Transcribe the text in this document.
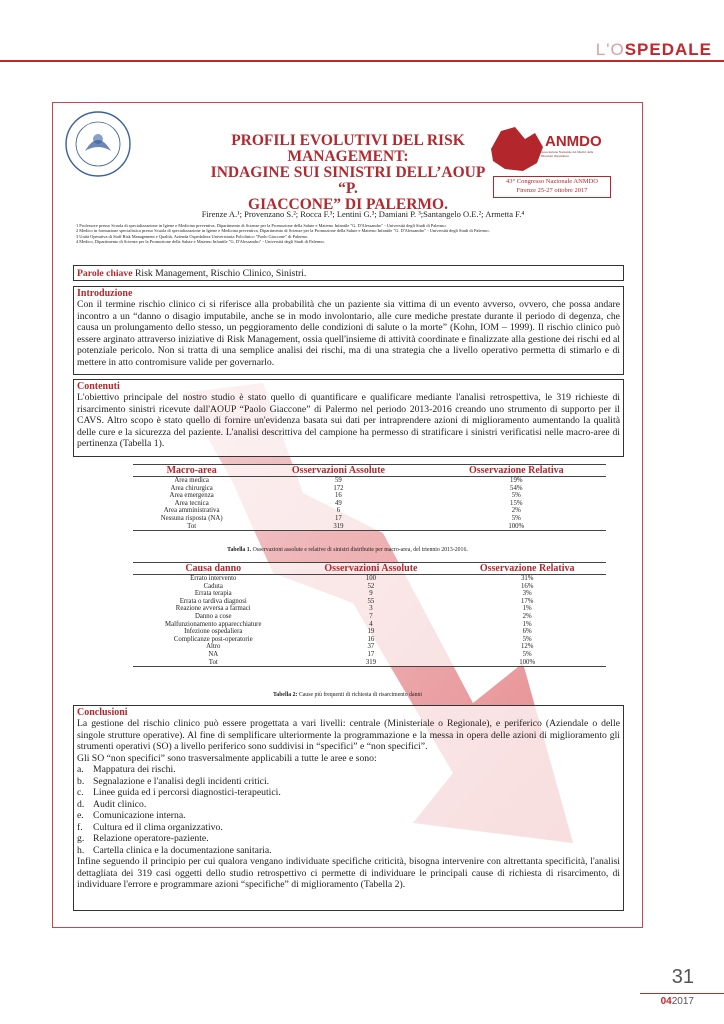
L'OSPEDALE
PROFILI EVOLUTIVI DEL RISK
MANAGEMENT:
INDAGINE SUI SINISTRI DELL’AOUP “P.
GIACCONE” DI PALERMO.
ANMDO
Associazione Nazionale dei Medici delle Direzioni Ospedaliere
43° Congresso Nazionale ANMDO
Firenze 25-27 ottobre 2017
Firenze A.¹; Provenzano S.²; Rocca F.³; Lentini G.³; Damiani P. ³;Santangelo O.E.²; Armetta F.⁴
1 Professore presso Scuola di specializzazione in Igiene e Medicina preventiva, Dipartimento di Scienze per la Promozione della Salute e Materno Infantile "G. D'Alessandro" - Università degli Studi di Palermo.
2 Medico in formazione specialistica presso Scuola di specializzazione in Igiene e Medicina preventiva, Dipartimento di Scienze per la Promozione della Salute e Materno Infantile "G. D'Alessandro" - Università degli Studi di Palermo.
3 Unità Operativa di Staff Risk Management e Qualità, Azienda Ospedaliera Universitaria Policlinico "Paolo Giaccone" di Palermo.
4 Medico, Dipartimento di Scienze per la Promozione della Salute e Materno Infantile "G. D'Alessandro" - Università degli Studi di Palermo.
Parole chiave Risk Management, Rischio Clinico, Sinistri.
Introduzione
Con il termine rischio clinico ci si riferisce alla probabilità che un paziente sia vittima di un evento avverso, ovvero, che possa andare incontro a un “danno o disagio imputabile, anche se in modo involontario, alle cure mediche prestate durante il periodo di degenza, che causa un prolungamento dello stesso, un peggioramento delle condizioni di salute o la morte” (Kohn, IOM – 1999). Il rischio clinico può essere arginato attraverso iniziative di Risk Management, ossia quell'insieme di attività coordinate e finalizzate alla gestione dei rischi ed al potenziale pericolo. Non si tratta di una semplice analisi dei rischi, ma di una strategia che a livello operativo permetta di stimarlo e di mettere in atto contromisure valide per governarlo.
Contenuti
L'obiettivo principale del nostro studio è stato quello di quantificare e qualificare mediante l'analisi retrospettiva, le 319 richieste di risarcimento sinistri ricevute dall'AOUP “Paolo Giaccone” di Palermo nel periodo 2013-2016 creando uno strumento di supporto per il CAVS. Altro scopo è stato quello di fornire un'evidenza basata sui dati per intraprendere azioni di miglioramento aumentando la qualità delle cure e la sicurezza del paziente. L'analisi descrittiva del campione ha permesso di stratificare i sinistri verificatisi nelle macro-aree di pertinenza (Tabella 1).
Macro-area	Osservazioni Assolute	Osservazione Relativa
Area medica	59	19%
Area chirurgica	172	54%
Area emergenza	16	5%
Area tecnica	49	15%
Area amministrativa	6	2%
Nessuna risposta (NA)	17	5%
Tot	319	100%
Tabella 1. Osservazioni assolute e relative di sinistri distribuite per macro-area, del triennio 2013-2016.
Causa danno	Osservazioni Assolute	Osservazione Relativa
Errato intervento	100	31%
Caduta	52	16%
Errata terapia	9	3%
Errata o tardiva diagnosi	55	17%
Reazione avversa a farmaci	3	1%
Danno a cose	7	2%
Malfunzionamento apparecchiature	4	1%
Infezione ospedaliera	19	6%
Complicanze post-operatorie	16	5%
Altro	37	12%
NA	17	5%
Tot	319	100%
Tabella 2: Cause più frequenti di richiesta di risarcimento danni
Conclusioni
La gestione del rischio clinico può essere progettata a vari livelli: centrale (Ministeriale o Regionale), e periferico (Aziendale o delle singole strutture operative). Al fine di semplificare ulteriormente la programmazione e la messa in opera delle azioni di miglioramento gli strumenti operativi (SO) a livello periferico sono suddivisi in “specifici” e “non specifici”.
Gli SO “non specifici” sono trasversalmente applicabili a tutte le aree e sono:
a. Mappatura dei rischi.
b. Segnalazione e l'analisi degli incidenti critici.
c. Linee guida ed i percorsi diagnostici-terapeutici.
d. Audit clinico.
e. Comunicazione interna.
f.	Cultura ed il clima organizzativo.
g. Relazione operatore-paziente.
h. Cartella clinica e la documentazione sanitaria.
Infine seguendo il principio per cui qualora vengano individuate specifiche criticità, bisogna intervenire con altrettanta specificità, l'analisi dettagliata dei 319 casi oggetti dello studio retrospettivo ci permette di individuare le principali cause di richiesta di risarcimento, di individuare l'errore e programmare azioni “specifiche” di miglioramento (Tabella 2).
31
042017
